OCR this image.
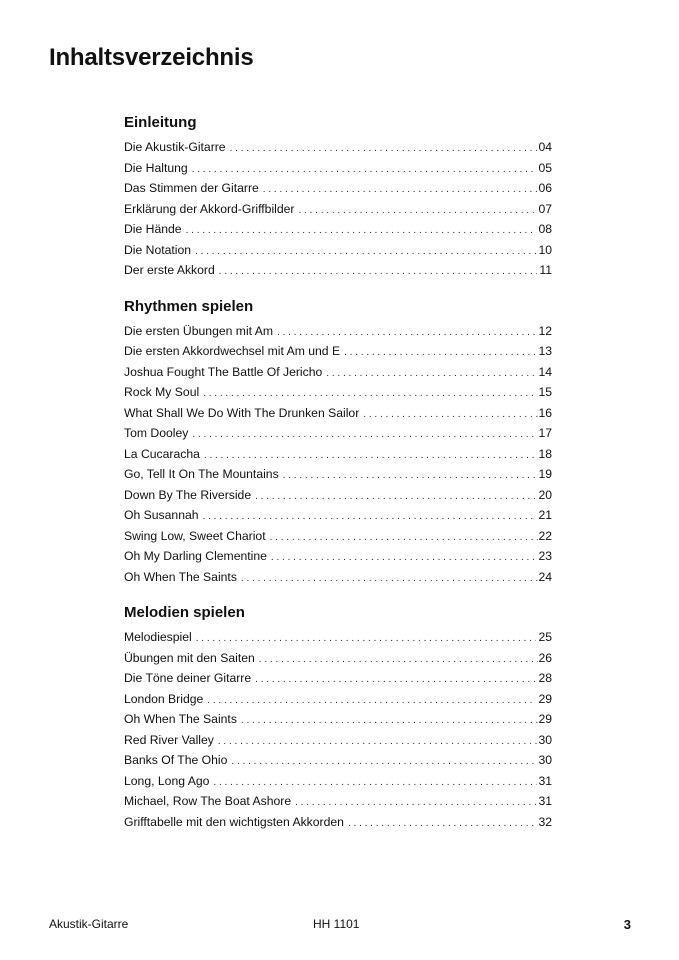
Inhaltsverzeichnis
Einleitung
Die Akustik-Gitarre . . .	04
Die Haltung . . .	05
Das Stimmen der Gitarre . . .	06
Erklärung der Akkord-Griffbilder . . .	07
Die Hände . . .	08
Die Notation . . .	10
Der erste Akkord . . .	11
Rhythmen spielen
Die ersten Übungen mit Am . . .	12
Die ersten Akkordwechsel mit Am und E . . .	13
Joshua Fought The Battle Of Jericho . . .	14
Rock My Soul . . .	15
What Shall We Do With The Drunken Sailor . . .	16
Tom Dooley . . .	17
La Cucaracha . . .	18
Go, Tell It On The Mountains . . .	19
Down By The Riverside . . .	20
Oh Susannah . . .	21
Swing Low, Sweet Chariot . . .	22
Oh My Darling Clementine . . .	23
Oh When The Saints . . .	24
Melodien spielen
Melodiespiel . . .	25
Übungen mit den Saiten . . .	26
Die Töne deiner Gitarre . . .	28
London Bridge . . .	29
Oh When The Saints . . .	29
Red River Valley . . .	30
Banks Of The Ohio . . .	30
Long, Long Ago . . .	31
Michael, Row The Boat Ashore . . .	31
Grifftabelle mit den wichtigsten Akkorden . . .	32
Akustik-Gitarre	HH 1101	3
